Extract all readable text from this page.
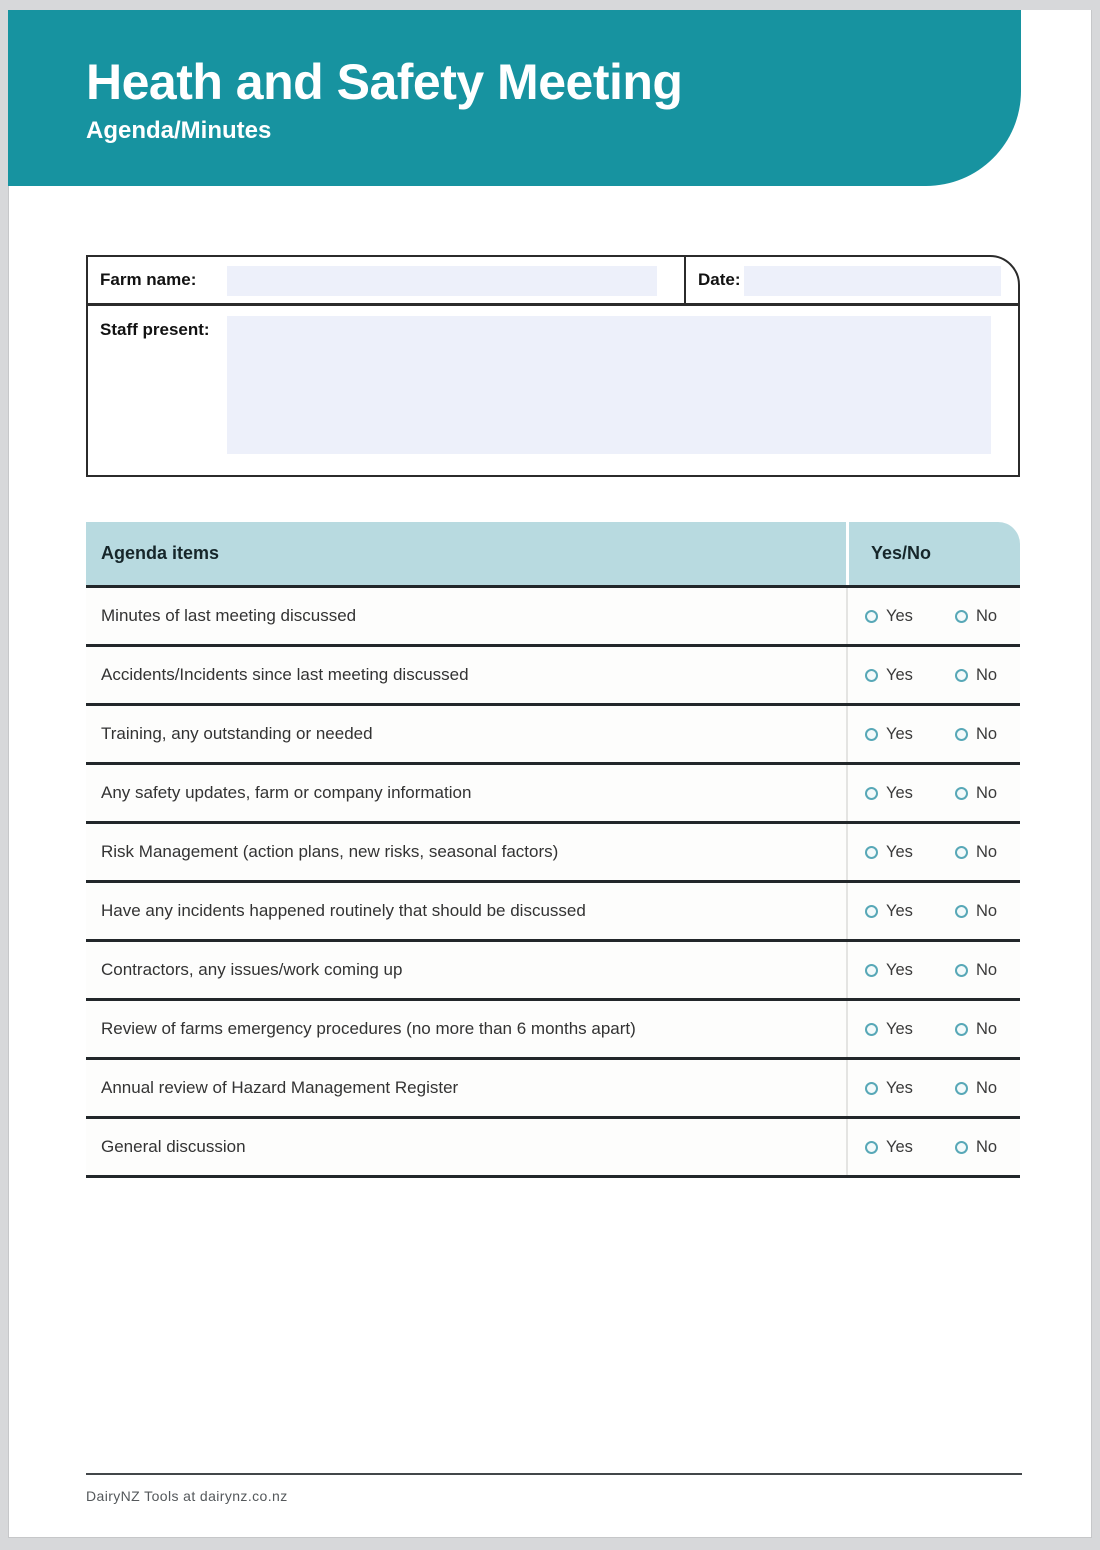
Heath and Safety Meeting
Agenda/Minutes
Farm name:	Date:
Staff present:
Agenda items	Yes/No
Minutes of last meeting discussed	Yes	No
Accidents/Incidents since last meeting discussed	Yes	No
Training, any outstanding or needed	Yes	No
Any safety updates, farm or company information	Yes	No
Risk Management (action plans, new risks, seasonal factors)	Yes	No
Have any incidents happened routinely that should be discussed	Yes	No
Contractors, any issues/work coming up	Yes	No
Review of farms emergency procedures (no more than 6 months apart)	Yes	No
Annual review of Hazard Management Register	Yes	No
General discussion	Yes	No
DairyNZ Tools at dairynz.co.nz
